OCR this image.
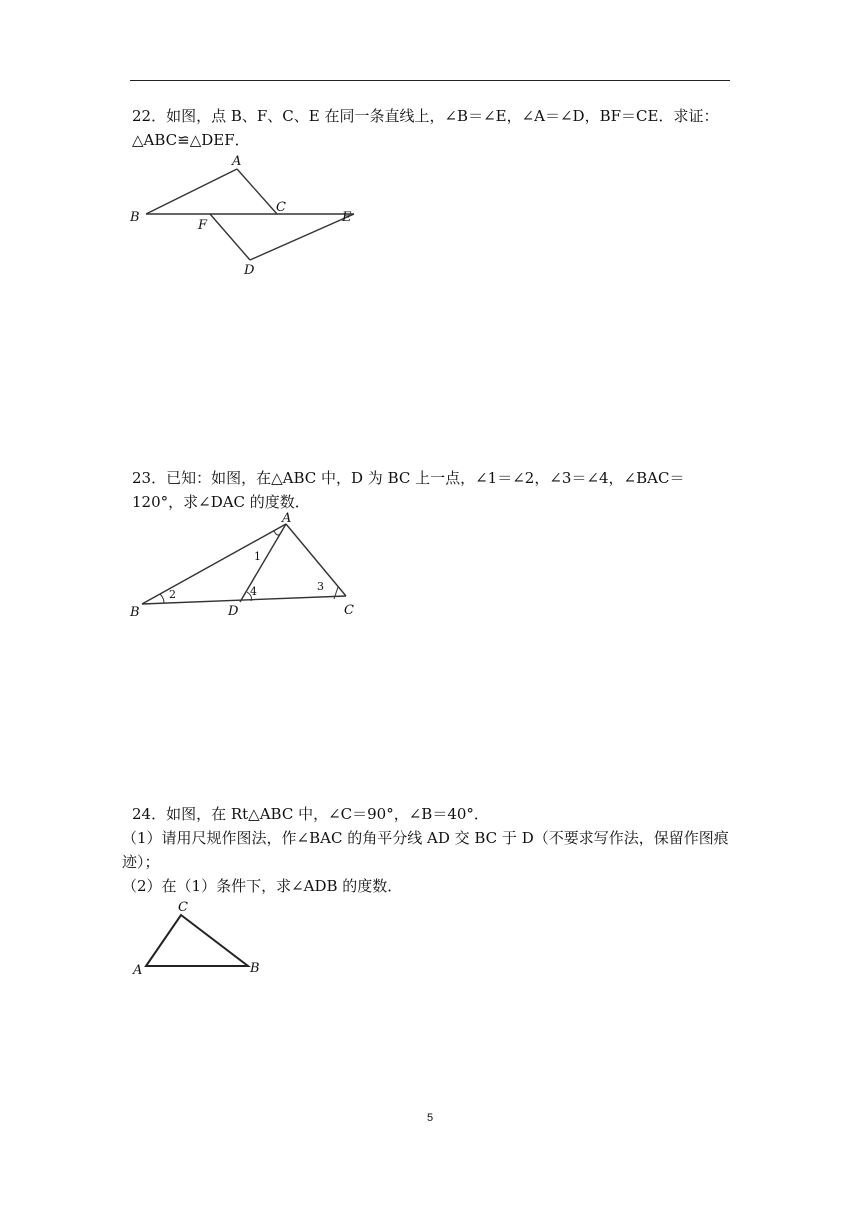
22．如图，点 B、F、C、E 在同一条直线上，∠B＝∠E，∠A＝∠D，BF＝CE．求证：△ABC≌△DEF．

A
B
C
F
E
D

23．已知：如图，在△ABC 中，D 为 BC 上一点，∠1＝∠2，∠3＝∠4，∠BAC＝120°，求∠DAC 的度数．

A
B	D	C
1
2
3
4

24．如图，在 Rt△ABC 中，∠C＝90°，∠B＝40°．

（1）请用尺规作图法，作∠BAC 的角平分线 AD 交 BC 于 D（不要求写作法，保留作图痕迹）；

（2）在（1）条件下，求∠ADB 的度数．

C
A	B
5
